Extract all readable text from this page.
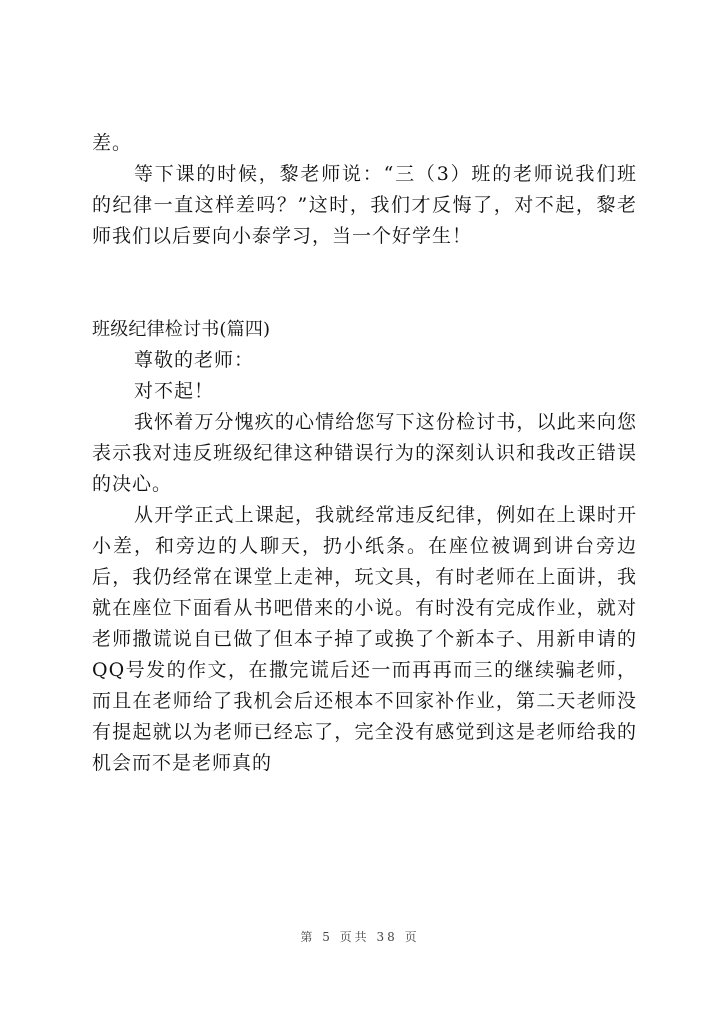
差。

等下课的时候，黎老师说：“三（3）班的老师说我们班的纪律一直这样差吗？”这时，我们才反悔了，对不起，黎老师我们以后要向小泰学习，当一个好学生！

班级纪律检讨书(篇四)

尊敬的老师：

对不起！

我怀着万分愧疚的心情给您写下这份检讨书，以此来向您表示我对违反班级纪律这种错误行为的深刻认识和我改正错误的决心。

从开学正式上课起，我就经常违反纪律，例如在上课时开小差，和旁边的人聊天，扔小纸条。在座位被调到讲台旁边后，我仍经常在课堂上走神，玩文具，有时老师在上面讲，我就在座位下面看从书吧借来的小说。有时没有完成作业，就对老师撒谎说自已做了但本子掉了或换了个新本子、用新申请的QQ号发的作文，在撒完谎后还一而再再而三的继续骗老师，而且在老师给了我机会后还根本不回家补作业，第二天老师没有提起就以为老师已经忘了，完全没有感觉到这是老师给我的机会而不是老师真的

第 5 页共 38 页
